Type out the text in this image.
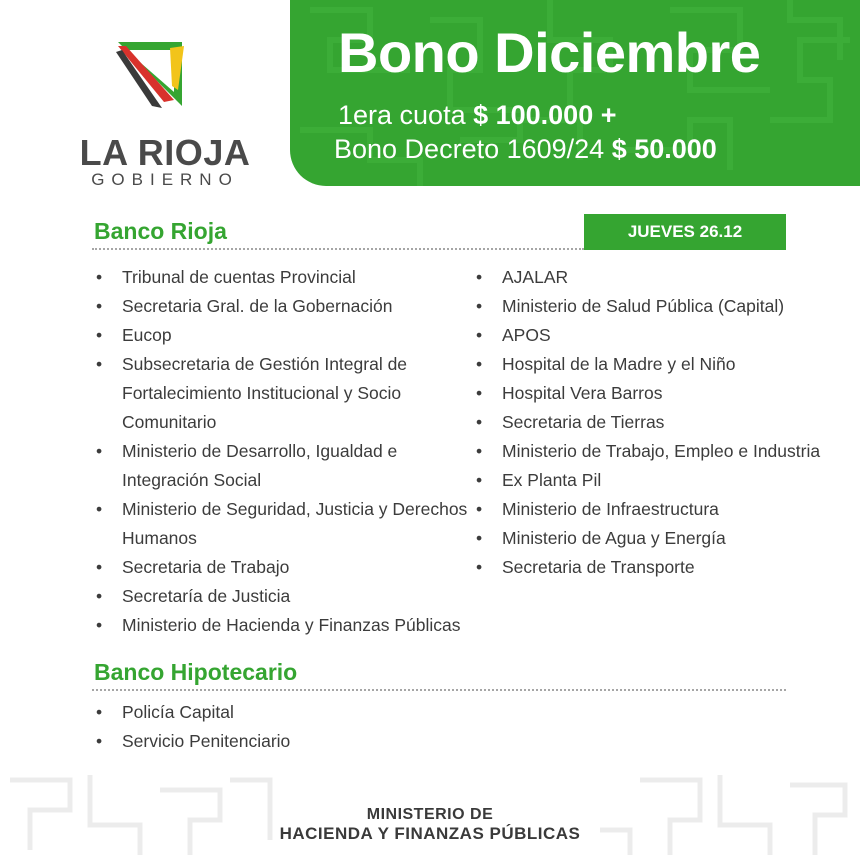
LA RIOJA
GOBIERNO
Bono Diciembre
1era cuota $ 100.000 +
Bono Decreto 1609/24 $ 50.000
Banco Rioja	JUEVES 26.12
• Tribunal de cuentas Provincial
• Secretaria Gral. de la Gobernación
• Eucop
• Subsecretaria de Gestión Integral de Fortalecimiento Institucional y Socio Comunitario
• Ministerio de Desarrollo, Igualdad e Integración Social
• Ministerio de Seguridad, Justicia y Derechos Humanos
• Secretaria de Trabajo
• Secretaría de Justicia
• Ministerio de Hacienda y Finanzas Públicas
• AJALAR
• Ministerio de Salud Pública (Capital)
• APOS
• Hospital de la Madre y el Niño
• Hospital Vera Barros
• Secretaria de Tierras
• Ministerio de Trabajo, Empleo e Industria
• Ex Planta Pil
• Ministerio de Infraestructura
• Ministerio de Agua y Energía
• Secretaria de Transporte
Banco Hipotecario
• Policía Capital
• Servicio Penitenciario
MINISTERIO DE
HACIENDA Y FINANZAS PÚBLICAS
